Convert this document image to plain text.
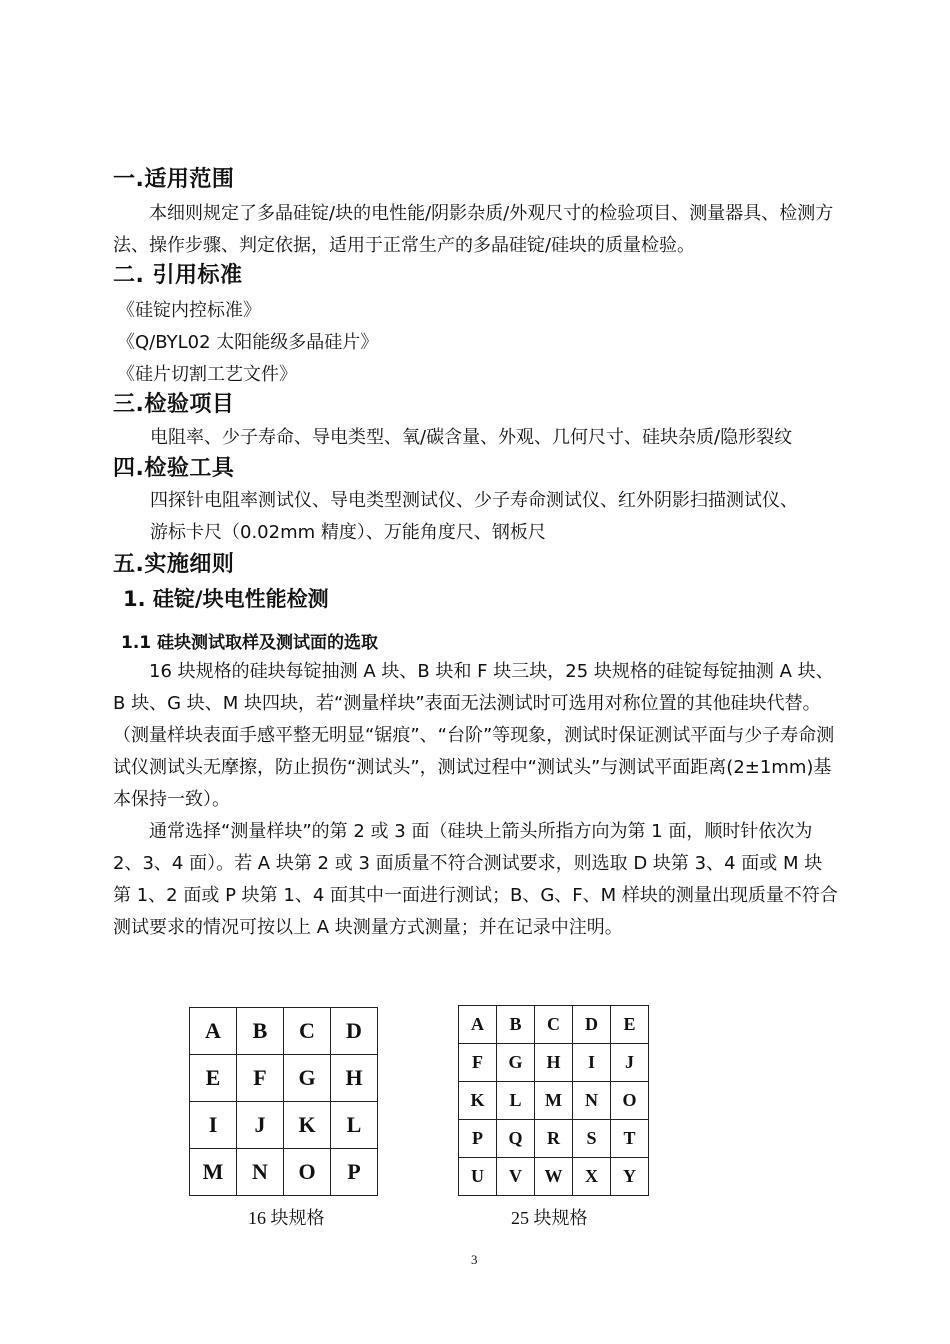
一.适用范围
本细则规定了多晶硅锭/块的电性能/阴影杂质/外观尺寸的检验项目、测量器具、检测方法、操作步骤、判定依据，适用于正常生产的多晶硅锭/硅块的质量检验。
二. 引用标准
《硅锭内控标准》
《Q/BYL02 太阳能级多晶硅片》
《硅片切割工艺文件》
三.检验项目
电阻率、少子寿命、导电类型、氧/碳含量、外观、几何尺寸、硅块杂质/隐形裂纹
四.检验工具
四探针电阻率测试仪、导电类型测试仪、少子寿命测试仪、红外阴影扫描测试仪、
游标卡尺（0.02mm 精度）、万能角度尺、钢板尺
五.实施细则
1. 硅锭/块电性能检测
1.1 硅块测试取样及测试面的选取
16 块规格的硅块每锭抽测 A 块、B 块和 F 块三块，25 块规格的硅锭每锭抽测 A 块、B 块、G 块、M 块四块，若“测量样块”表面无法测试时可选用对称位置的其他硅块代替。（测量样块表面手感平整无明显“锯痕”、“台阶”等现象，测试时保证测试平面与少子寿命测试仪测试头无摩擦，防止损伤“测试头”，测试过程中“测试头”与测试平面距离(2±1mm)基本保持一致）。
通常选择“测量样块”的第 2 或 3 面（硅块上箭头所指方向为第 1 面，顺时针依次为 2、3、4 面）。若 A 块第 2 或 3 面质量不符合测试要求，则选取 D 块第 3、4 面或 M 块第 1、2 面或 P 块第 1、4 面其中一面进行测试；B、G、F、M 样块的测量出现质量不符合测试要求的情况可按以上 A 块测量方式测量；并在记录中注明。
A	B	C	D
E	F	G	H
I	J	K	L
M	N	O	P
16 块规格
A	B	C	D	E
F	G	H	I	J
K	L	M	N	O
P	Q	R	S	T
U	V	W	X	Y
25 块规格
3
